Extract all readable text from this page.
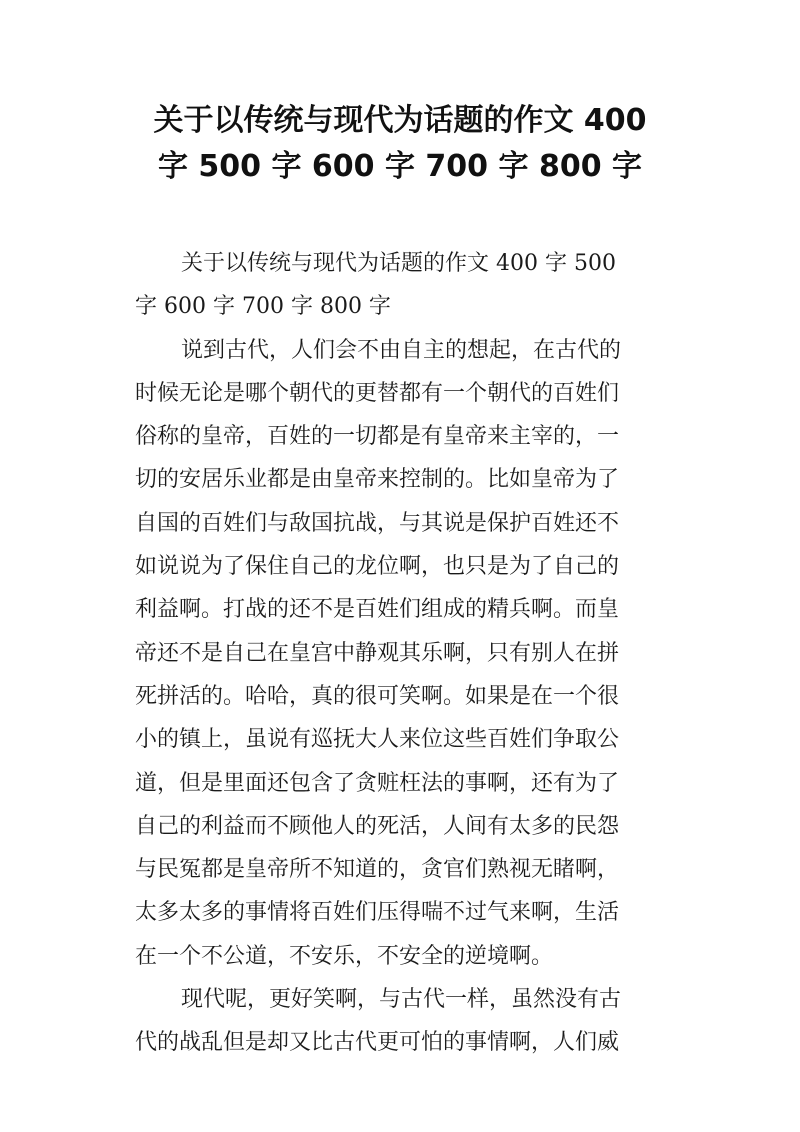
关于以传统与现代为话题的作文 400
字 500 字 600 字 700 字 800 字
关于以传统与现代为话题的作文 400 字 500
字 600 字 700 字 800 字
说到古代，人们会不由自主的想起，在古代的
时候无论是哪个朝代的更替都有一个朝代的百姓们
俗称的皇帝，百姓的一切都是有皇帝来主宰的，一
切的安居乐业都是由皇帝来控制的。比如皇帝为了
自国的百姓们与敌国抗战，与其说是保护百姓还不
如说说为了保住自己的龙位啊，也只是为了自己的
利益啊。打战的还不是百姓们组成的精兵啊。而皇
帝还不是自己在皇宫中静观其乐啊，只有别人在拼
死拼活的。哈哈，真的很可笑啊。如果是在一个很
小的镇上，虽说有巡抚大人来位这些百姓们争取公
道，但是里面还包含了贪赃枉法的事啊，还有为了
自己的利益而不顾他人的死活，人间有太多的民怨
与民冤都是皇帝所不知道的，贪官们熟视无睹啊，
太多太多的事情将百姓们压得喘不过气来啊，生活
在一个不公道，不安乐，不安全的逆境啊。
现代呢，更好笑啊，与古代一样，虽然没有古
代的战乱但是却又比古代更可怕的事情啊，人们威
